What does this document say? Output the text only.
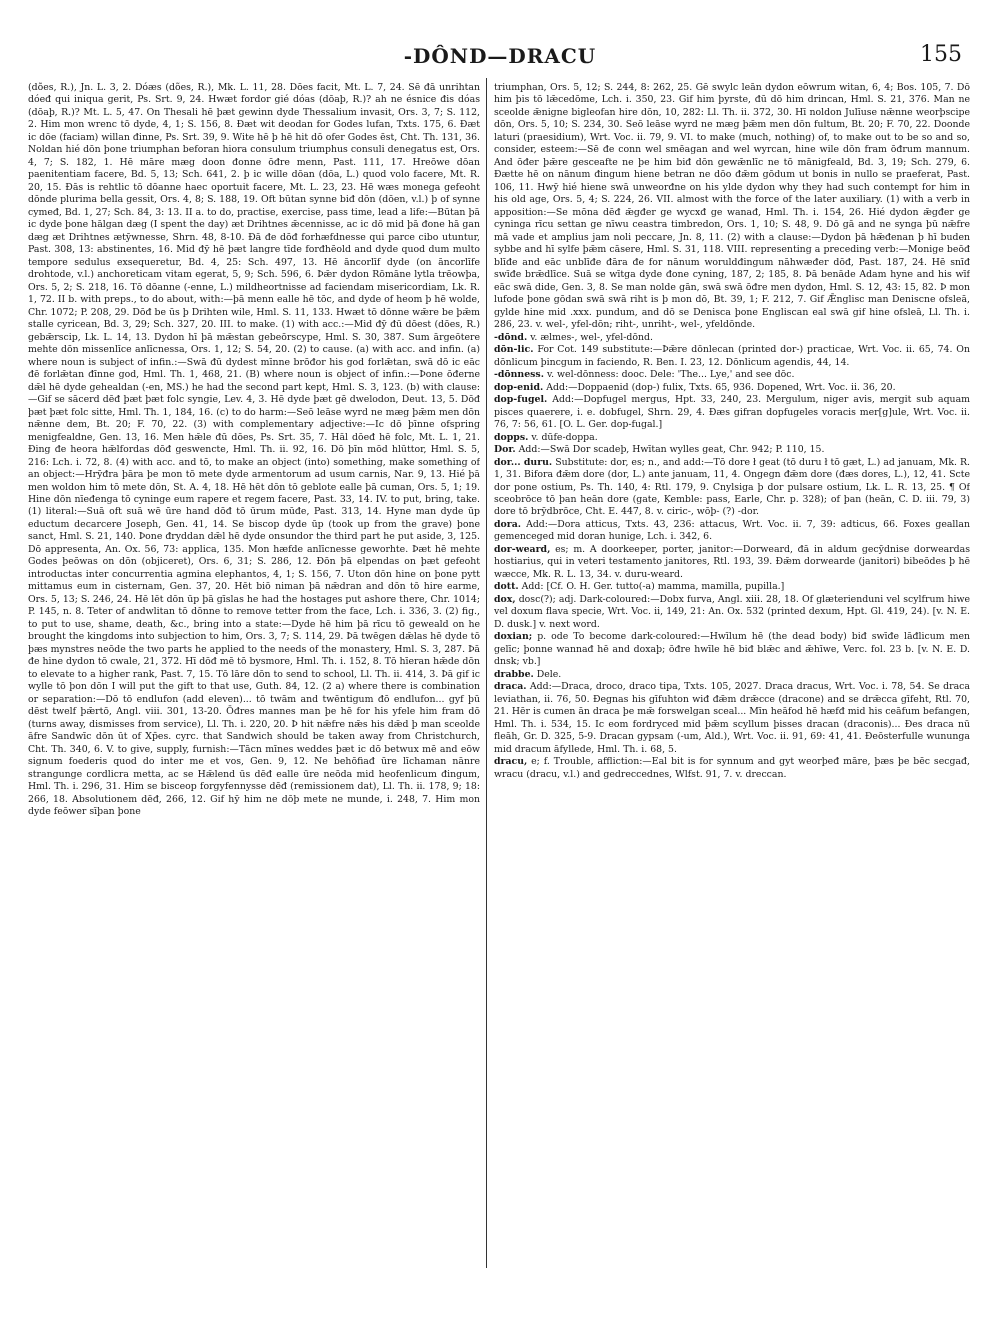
-DÔND—DRACU	155

(dões, R.), Jn. L. 3, 2. Dóæs (dões, R.), Mk. L. 11, 28. Dōes facit, Mt. L. 7, 24. Sē đā unrihtan dóeđ qui iniqua gerit, Ps. Srt. 9, 24. Hwæt fordor gié dóas (dōaþ, R.)? ah ne ésnice đis dóas (dōaþ, R.)? Mt. L. 5, 47. On Thesali hē þæt gewinn dyde Thessalium invasit, Ors. 3, 7; S. 112, 2. Him mon wrenc tō dyde, 4, 1; S. 156, 8. Đæt wit deodan for Godes lufan, Txts. 175, 6. Đæt ic dōe (faciam) willan đinne, Ps. Srt. 39, 9. Wite hē þ hē hit dō ofer Godes ēst, Cht. Th. 131, 36. Noldan hié dōn þone triumphan beforan hiora consulum triumphus consuli denegatus est, Ors. 4, 7; S. 182, 1. Hē māre mæg doon đonne ōđre menn, Past. 111, 17. Hreōwe dōan paenitentiam facere, Bd. 5, 13; Sch. 641, 2. þ ic wille dōan (dōa, L.) quod volo facere, Mt. R. 20, 15. Đās is rehtlic tō dōanne haec oportuit facere, Mt. L. 23, 23. Hē wæs monega gefeoht dōnde plurima bella gessit, Ors. 4, 8; S. 188, 19. Oft būtan synne biđ dōn (dōen, v.l.) þ of synne cymeđ, Bd. 1, 27; Sch. 84, 3: 13. II a. to do, practise, exercise, pass time, lead a life:—Būtan þā ic dyde þone hālgan dæg (I spent the day) æt Drihtnes ǣcennisse, ac ic dō mid þā đone hā gan dæg æt Drihtnes ætȳwnesse, Shrn. 48, 8-10. Đā đe dōđ forhæfdnesse qui parce cibo utuntur, Past. 308, 13: abstinentes, 16. Mid đȳ hē þæt langre tīde forđhēold and dyde quod dum multo tempore sedulus exsequeretur, Bd. 4, 25: Sch. 497, 13. Hē āncorlīf dyde (on āncorlīfe drohtode, v.l.) anchoreticam vitam egerat, 5, 9; Sch. 596, 6. Þǣr dydon Rōmāne lytla trēowþa, Ors. 5, 2; S. 218, 16. Tō dōanne (-enne, L.) mildheortnisse ad faciendam misericordiam, Lk. R. 1, 72. II b. with preps., to do about, with:—þā menn ealle hē tōc, and dyde of heom þ hē wolde, Chr. 1072; P. 208, 29. Dōđ be ūs þ Drihten wile, Hml. S. 11, 133. Hwæt tō dōnne wǣre be þǣm stalle cyricean, Bd. 3, 29; Sch. 327, 20. III. to make. (1) with acc.:—Mid đȳ đū dōest (dōes, R.) gebǣrscip, Lk. L. 14, 13. Dydon hī þā mǣstan gebeōrscype, Hml. S. 30, 387. Sum ārgeōtere mehte dōn missenlīce anlīcnessa, Ors. 1, 12; S. 54, 20. (2) to cause. (a) with acc. and infin. (a) where noun is subject of infin.:—Swā đū dydest mīnne brōđor his god forlǣtan, swā dō ic eāc đē forlǣtan đīnne god, Hml. Th. 1, 468, 21. (B) where noun is object of infin.:—Þone ōđerne dǣl hē dyde gehealdan (-en, MS.) he had the second part kept, Hml. S. 3, 123. (b) with clause:—Gif se sācerd dēđ þæt þæt folc syngie, Lev. 4, 3. Hē dyde þæt gē dwelodon, Deut. 13, 5. Dōđ þæt þæt folc sitte, Hml. Th. 1, 184, 16. (c) to do harm:—Seō leāse wyrd ne mæg þǣm men dōn nǣnne dem, Bt. 20; F. 70, 22. (3) with complementary adjective:—Ic dō þīnne ofspring menigfealdne, Gen. 13, 16. Men hǣle đū dōes, Ps. Srt. 35, 7. Hāl dōeđ hē folc, Mt. L. 1, 21. Đing đe heora hǣlfordas dōđ geswencte, Hml. Th. ii. 92, 16. Dō þīn mōd hlūttor, Hml. S. 5, 216: Lch. i. 72, 8. (4) with acc. and tō, to make an object (into) something, make something of an object:—Hrȳđra þāra þe mon tō mete dyde armentorum ad usum carnis, Nar. 9, 13. Hié þā men woldon him tō mete dōn, St. A. 4, 18. Hē hēt dōn tō geblote ealle þā cuman, Ors. 5, 1; 19. Hine dōn nīeđenga tō cyninge eum rapere et regem facere, Past. 33, 14. IV. to put, bring, take. (1) literal:—Suā oft suā wē ūre hand dōđ tō ūrum mūđe, Past. 313, 14. Hyne man dyde ūp eductum decarcere Joseph, Gen. 41, 14. Se biscop dyde ūp (took up from the grave) þone sanct, Hml. S. 21, 140. Þone đryddan dǣl hē dyde onsundor the third part he put aside, 3, 125. Dō appresenta, An. Ox. 56, 73: applica, 135. Mon hæfde anlīcnesse geworhte. Þæt hē mehte Godes þeōwas on dōn (objiceret), Ors. 6, 31; S. 286, 12. Đōn þā elpendas on þæt gefeoht introductas inter concurrentia agmina elephantos, 4, 1; S. 156, 7. Uton dōn hine on þone pytt mittamus eum in cisternam, Gen. 37, 20. Hēt biō niman þā nǣdran and dōn tō hire earme, Ors. 5, 13; S. 246, 24. Hē lēt dōn ūp þā gīslas he had the hostages put ashore there, Chr. 1014; P. 145, n. 8. Teter of andwlitan tō dōnne to remove tetter from the face, Lch. i. 336, 3. (2) fig., to put to use, shame, death, &c., bring into a state:—Dyde hē him þā rīcu tō geweald on he brought the kingdoms into subjection to him, Ors. 3, 7; S. 114, 29. Þā twēgen dǣlas hē dyde tō þæs mynstres neōde the two parts he applied to the needs of the monastery, Hml. S. 3, 287. Þā đe hine dydon tō cwale, 21, 372. Hī dōđ mē tō bysmore, Hml. Th. i. 152, 8. Tō hīeran hǣde dōn to elevate to a higher rank, Past. 7, 15. Tō lāre dōn to send to school, Ll. Th. ii. 414, 3. Þā gif ic wylle tō þon dōn I will put the gift to that use, Guth. 84, 12. (2 a) where there is combination or separation:—Dō tō endlufon (add eleven)... tō twām and twēntigum đō endlufon... gyf þū dēst twelf þǣrtō, Angl. viii. 301, 13-20. Ōđres mannes man þe hē for his yfele him fram dō (turns away, dismisses from service), Ll. Th. i. 220, 20. Þ hit nǣfre nǣs his dǣd þ man sceolde āfre Sandwīc dōn ūt of Xp̄es. cyrc. that Sandwich should be taken away from Christchurch, Cht. Th. 340, 6. V. to give, supply, furnish:—Tācn mīnes weddes þæt ic dō betwux mē and eōw signum foederis quod do inter me et vos, Gen. 9, 12. Ne behōfiađ ūre līchaman nānre strangunge cordlicra metta, ac se Hǣlend ūs dēđ ealle ūre neōda mid heofenlicum đingum, Hml. Th. i. 296, 31. Him se bisceop forgyfennysse dēđ (remissionem dat), Ll. Th. ii. 178, 9; 18: 266, 18. Absolutionem dēđ, 266, 12. Gif hȳ him ne dōþ mete ne munde, i. 248, 7. Him mon dyde feōwer sīþan þone

triumphan, Ors. 5, 12; S. 244, 8: 262, 25. Gē swylc leān dydon eōwrum witan, 6, 4; Bos. 105, 7. Dō him þis tō lǣcedōme, Lch. i. 350, 23. Gif him þyrste, đū dō him drincan, Hml. S. 21, 376. Man ne sceolde ǣnigne bigleofan hire dōn, 10, 282: Ll. Th. ii. 372, 30. Hī noldon Julīuse nǣnne weorþscipe dōn, Ors. 5, 10; S. 234, 30. Seō leāse wyrd ne mæg þǣm men dōn fultum, Bt. 20; F. 70, 22. Doonde laturi (praesidium), Wrt. Voc. ii. 79, 9. VI. to make (much, nothing) of, to make out to be so and so, consider, esteem:—Sē đe conn wel smēagan and wel wyrcan, hine wile dōn fram ōđrum mannum. And ōđer þǣre gesceafte ne þe him biđ dōn gewǣnlīc ne tō mānigfeald, Bd. 3, 19; Sch. 279, 6. Đætte hē on nānum đingum hiene betran ne dōo đǣm gōdum ut bonis in nullo se praeferat, Past. 106, 11. Hwȳ hié hiene swā unweorđne on his ylde dydon why they had such contempt for him in his old age, Ors. 5, 4; S. 224, 26. VII. almost with the force of the later auxiliary. (1) with a verb in apposition:—Se mōna dēđ ǣgđer ge wycxđ ge wanađ, Hml. Th. i. 154, 26. Hié dydon ǣgđer ge cyninga rīcu settan ge nīwu ceastra timbredon, Ors. 1, 10; S. 48, 9. Dō gā and ne synga þū nǣfre mā vade et amplius jam noli peccare, Jn. 8, 11. (2) with a clause:—Dydon þā hǣđenan þ hī buden sybbe and hī sylfe þǣm cāsere, Hml. S. 31, 118. VIII. representing a preceding verb:—Monige beōđ blīđe and eāc unblīđe đāra đe for nānum woruldđingum nāhwæđer dōđ, Past. 187, 24. Hē snīđ swīđe brǣdlīce. Suā se wītga dyde đone cyning, 187, 2; 185, 8. Þā benāde Adam hyne and his wīf eāc swā dide, Gen. 3, 8. Se man nolde gān, swā swā ōđre men dydon, Hml. S. 12, 43: 15, 82. Þ mon lufode þone gōdan swā swā riht is þ mon dō, Bt. 39, 1; F. 212, 7. Gif Ǣnglisc man Deniscne ofsleā, gylde hine mid .xxx. pundum, and dō se Denisca þone Engliscan eal swā gif hine ofsleā, Ll. Th. i. 286, 23. v. wel-, yfel-dōn; riht-, unriht-, wel-, yfeldōnde.

-dōnd. v. ælmes-, wel-, yfel-dōnd.

dōn-lic. For Cot. 149 substitute:—Þǣre dōnlecan (printed dor-) practicae, Wrt. Voc. ii. 65, 74. On dōnlicum þincgum in faciendo, R. Ben. I. 23, 12. Dōnlicum agendis, 44, 14.

-dōnness. v. wel-dōnness: dooc. Dele: 'The... Lye,' and see dōc.

dop-enid. Add:—Doppaenid (dop-) fulix, Txts. 65, 936. Dopened, Wrt. Voc. ii. 36, 20.

dop-fugel. Add:—Dopfugel mergus, Hpt. 33, 240, 23. Mergulum, niger avis, mergit sub aquam pisces quaerere, i. e. dobfugel, Shrn. 29, 4. Đæs gifran dopfugeles voracis mer[g]ule, Wrt. Voc. ii. 76, 7: 56, 61. [O. L. Ger. dop-fugal.]

dopps. v. dūfe-doppa.

Dor. Add:—Swā Dor scadeþ, Hwītan wylles geat, Chr. 942; P. 110, 15.

dor... duru. Substitute: dor, es; n., and add:—Tō dore ł geat (tō duru ł tō gæt, L.) ad januam, Mk. R. 1, 31. Bifora đǣm dore (dor, L.) ante januam, 11, 4. Ongegn đǣm dore (đæs dores, L.), 12, 41. Scte dor pone ostium, Ps. Th. 140, 4: Rtl. 179, 9. Cnylsiga þ dor pulsare ostium, Lk. L. R. 13, 25. ¶ Of sceobrōce tō þan heān dore (gate, Kemble: pass, Earle, Chr. p. 328); of þan (heān, C. D. iii. 79, 3) dore tō brȳdbrōce, Cht. E. 447, 8. v. ciric-, wōþ- (?) -dor.

dora. Add:—Dora atticus, Txts. 43, 236: attacus, Wrt. Voc. ii. 7, 39: adticus, 66. Foxes geallan gemenceged mid doran hunige, Lch. i. 342, 6.

dor-weard, es; m. A doorkeeper, porter, janitor:—Dorweard, đā in aldum gecȳdnise dorweardas hostiarius, qui in veteri testamento janitores, Rtl. 193, 39. Đǣm dorwearde (janitori) bibeōdes þ hē wæcce, Mk. R. L. 13, 34. v. duru-weard.

dott. Add: [Cf. O. H. Ger. tutto(-a) mamma, mamilla, pupilla.]

dox, dosc(?); adj. Dark-coloured:—Dobx furva, Angl. xiii. 28, 18. Of glæterienduni vel scylfrum hiwe vel doxum flava specie, Wrt. Voc. ii, 149, 21: An. Ox. 532 (printed dexum, Hpt. Gl. 419, 24). [v. N. E. D. dusk.] v. next word.

doxian; p. ode To become dark-coloured:—Hwīlum hē (the dead body) biđ swīđe lāđlicum men gelīc; þonne wannađ hē and doxaþ; ōđre hwīle hē biđ blǣc and ǣhīwe, Verc. fol. 23 b. [v. N. E. D. dnsk; vb.]

drabbe. Dele.

draca. Add:—Draca, droco, draco tipa, Txts. 105, 2027. Draca dracus, Wrt. Voc. i. 78, 54. Se draca leviathan, ii. 76, 50. Đegnas his gīfuhton wiđ đǣm drǣcce (dracone) and se drǣcca gīfeht, Rtl. 70, 21. Hēr is cumen ān draca þe mǣ forswelgan sceal... Mīn heāfod hē hæfđ mid his ceāfum befangen, Hml. Th. i. 534, 15. Ic eom fordryced mid þǣm scyllum þisses dracan (draconis)... Đes draca nū fleāh, Gr. D. 325, 5-9. Dracan gypsam (-um, Ald.), Wrt. Voc. ii. 91, 69: 41, 41. Đeōsterfulle wununga mid dracum āfyllede, Hml. Th. i. 68, 5.

dracu, e; f. Trouble, affliction:—Eal bit is for synnum and gyt weorþeđ māre, þæs þe bēc secgađ, wracu (dracu, v.l.) and gedreccednes, Wlfst. 91, 7. v. dreccan.
